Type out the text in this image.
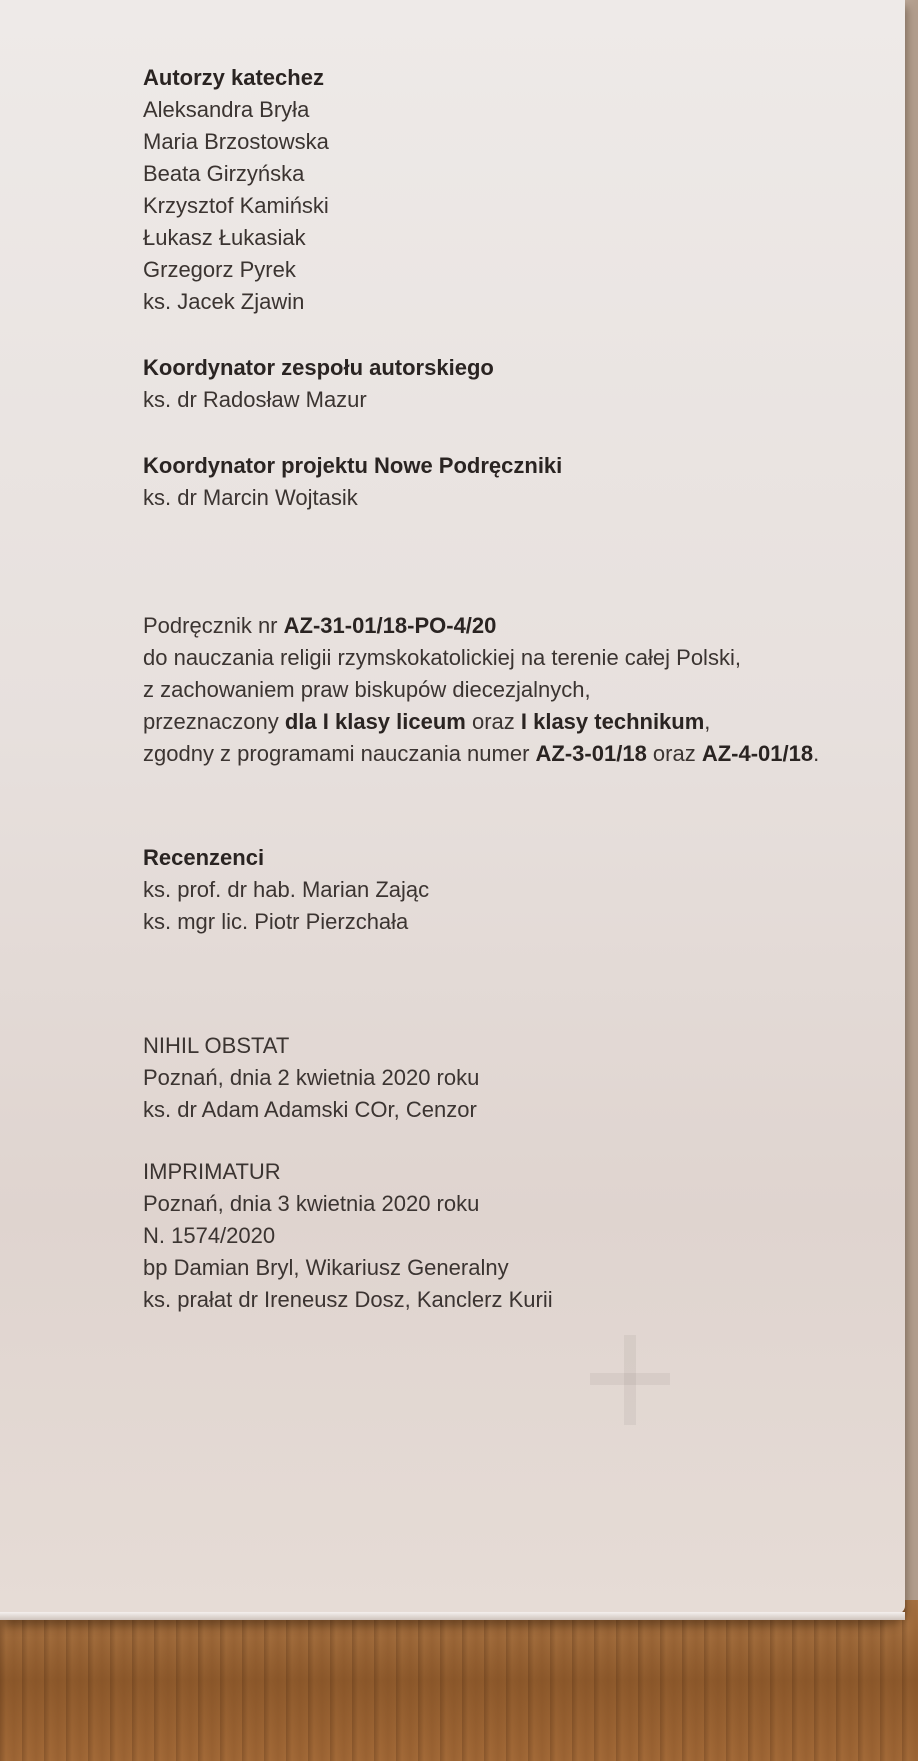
Autorzy katechez
Aleksandra Bryła
Maria Brzostowska
Beata Girzyńska
Krzysztof Kamiński
Łukasz Łukasiak
Grzegorz Pyrek
ks. Jacek Zjawin
Koordynator zespołu autorskiego
ks. dr Radosław Mazur
Koordynator projektu Nowe Podręczniki
ks. dr Marcin Wojtasik
Podręcznik nr AZ-31-01/18-PO-4/20
do nauczania religii rzymskokatolickiej na terenie całej Polski,
z zachowaniem praw biskupów diecezjalnych,
przeznaczony dla I klasy liceum oraz I klasy technikum,
zgodny z programami nauczania numer AZ-3-01/18 oraz AZ-4-01/18.
Recenzenci
ks. prof. dr hab. Marian Zając
ks. mgr lic. Piotr Pierzchała
NIHIL OBSTAT
Poznań, dnia 2 kwietnia 2020 roku
ks. dr Adam Adamski COr, Cenzor
IMPRIMATUR
Poznań, dnia 3 kwietnia 2020 roku
N. 1574/2020
bp Damian Bryl, Wikariusz Generalny
ks. prałat dr Ireneusz Dosz, Kanclerz Kurii
